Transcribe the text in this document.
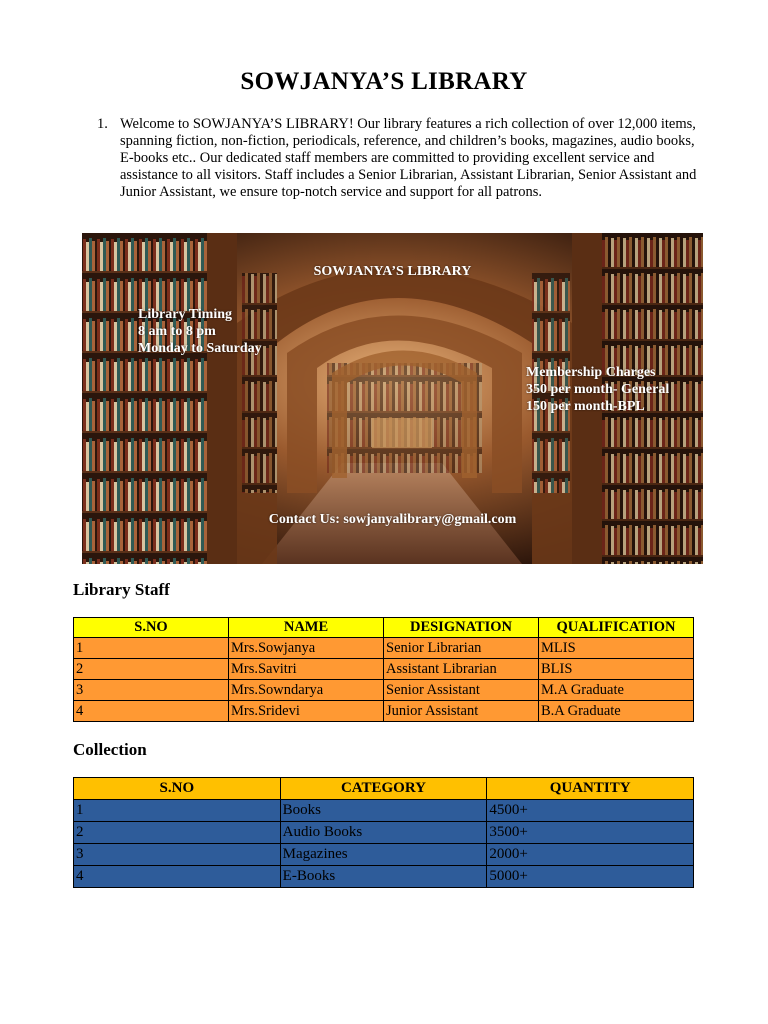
SOWJANYA’S LIBRARY
1. Welcome to SOWJANYA’S LIBRARY! Our library features a rich collection of over 12,000 items, spanning fiction, non-fiction, periodicals, reference, and children’s books, magazines, audio books, E-books etc.. Our dedicated staff members are committed to providing excellent service and assistance to all visitors. Staff includes a Senior Librarian, Assistant Librarian, Senior Assistant and Junior Assistant, we ensure top-notch service and support for all patrons.
SOWJANYA’S LIBRARY
Library Timing
8 am to 8 pm
Monday to Saturday
Membership Charges
350 per month- General
150 per month-BPL
Contact Us: sowjanyalibrary@gmail.com
Library Staff
S.NO	NAME	DESIGNATION	QUALIFICATION
1	Mrs.Sowjanya	Senior Librarian	MLIS
2	Mrs.Savitri	Assistant Librarian	BLIS
3	Mrs.Sowndarya	Senior Assistant	M.A Graduate
4	Mrs.Sridevi	Junior Assistant	B.A Graduate
Collection
S.NO	CATEGORY	QUANTITY
1	Books	4500+
2	Audio Books	3500+
3	Magazines	2000+
4	E-Books	5000+
